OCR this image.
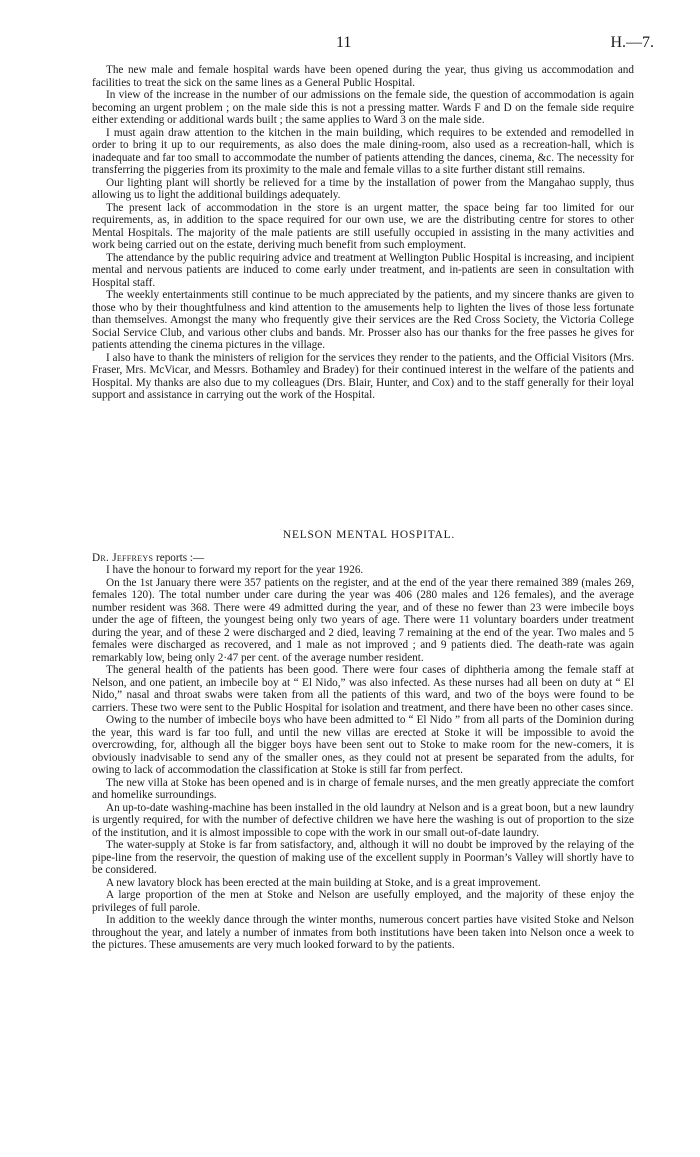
11	H.—7.

The new male and female hospital wards have been opened during the year, thus giving us accommodation and facilities to treat the sick on the same lines as a General Public Hospital.

In view of the increase in the number of our admissions on the female side, the question of accommodation is again becoming an urgent problem ; on the male side this is not a pressing matter. Wards F and D on the female side require either extending or additional wards built ; the same applies to Ward 3 on the male side.

I must again draw attention to the kitchen in the main building, which requires to be extended and remodelled in order to bring it up to our requirements, as also does the male dining-room, also used as a recreation-hall, which is inadequate and far too small to accommodate the number of patients attending the dances, cinema, &c. The necessity for transferring the piggeries from its proximity to the male and female villas to a site further distant still remains.

Our lighting plant will shortly be relieved for a time by the installation of power from the Mangahao supply, thus allowing us to light the additional buildings adequately.

The present lack of accommodation in the store is an urgent matter, the space being far too limited for our requirements, as, in addition to the space required for our own use, we are the distributing centre for stores to other Mental Hospitals. The majority of the male patients are still usefully occupied in assisting in the many activities and work being carried out on the estate, deriving much benefit from such employment.

The attendance by the public requiring advice and treatment at Wellington Public Hospital is increasing, and incipient mental and nervous patients are induced to come early under treatment, and in-patients are seen in consultation with Hospital staff.

The weekly entertainments still continue to be much appreciated by the patients, and my sincere thanks are given to those who by their thoughtfulness and kind attention to the amusements help to lighten the lives of those less fortunate than themselves. Amongst the many who frequently give their services are the Red Cross Society, the Victoria College Social Service Club, and various other clubs and bands. Mr. Prosser also has our thanks for the free passes he gives for patients attending the cinema pictures in the village.

I also have to thank the ministers of religion for the services they render to the patients, and the Official Visitors (Mrs. Fraser, Mrs. McVicar, and Messrs. Bothamley and Bradey) for their continued interest in the welfare of the patients and Hospital. My thanks are also due to my colleagues (Drs. Blair, Hunter, and Cox) and to the staff generally for their loyal support and assistance in carrying out the work of the Hospital.

NELSON MENTAL HOSPITAL.

Dr. Jeffreys reports :—

I have the honour to forward my report for the year 1926.

On the 1st January there were 357 patients on the register, and at the end of the year there remained 389 (males 269, females 120). The total number under care during the year was 406 (280 males and 126 females), and the average number resident was 368. There were 49 admitted during the year, and of these no fewer than 23 were imbecile boys under the age of fifteen, the youngest being only two years of age. There were 11 voluntary boarders under treatment during the year, and of these 2 were discharged and 2 died, leaving 7 remaining at the end of the year. Two males and 5 females were discharged as recovered, and 1 male as not improved ; and 9 patients died. The death-rate was again remarkably low, being only 2·47 per cent. of the average number resident.

The general health of the patients has been good. There were four cases of diphtheria among the female staff at Nelson, and one patient, an imbecile boy at “ El Nido,” was also infected. As these nurses had all been on duty at “ El Nido,” nasal and throat swabs were taken from all the patients of this ward, and two of the boys were found to be carriers. These two were sent to the Public Hospital for isolation and treatment, and there have been no other cases since.

Owing to the number of imbecile boys who have been admitted to “ El Nido ” from all parts of the Dominion during the year, this ward is far too full, and until the new villas are erected at Stoke it will be impossible to avoid the overcrowding, for, although all the bigger boys have been sent out to Stoke to make room for the new-comers, it is obviously inadvisable to send any of the smaller ones, as they could not at present be separated from the adults, for owing to lack of accommodation the classification at Stoke is still far from perfect.

The new villa at Stoke has been opened and is in charge of female nurses, and the men greatly appreciate the comfort and homelike surroundings.

An up-to-date washing-machine has been installed in the old laundry at Nelson and is a great boon, but a new laundry is urgently required, for with the number of defective children we have here the washing is out of proportion to the size of the institution, and it is almost impossible to cope with the work in our small out-of-date laundry.

The water-supply at Stoke is far from satisfactory, and, although it will no doubt be improved by the relaying of the pipe-line from the reservoir, the question of making use of the excellent supply in Poorman’s Valley will shortly have to be considered.

A new lavatory block has been erected at the main building at Stoke, and is a great improvement.

A large proportion of the men at Stoke and Nelson are usefully employed, and the majority of these enjoy the privileges of full parole.

In addition to the weekly dance through the winter months, numerous concert parties have visited Stoke and Nelson throughout the year, and lately a number of inmates from both institutions have been taken into Nelson once a week to the pictures. These amusements are very much looked forward to by the patients.
